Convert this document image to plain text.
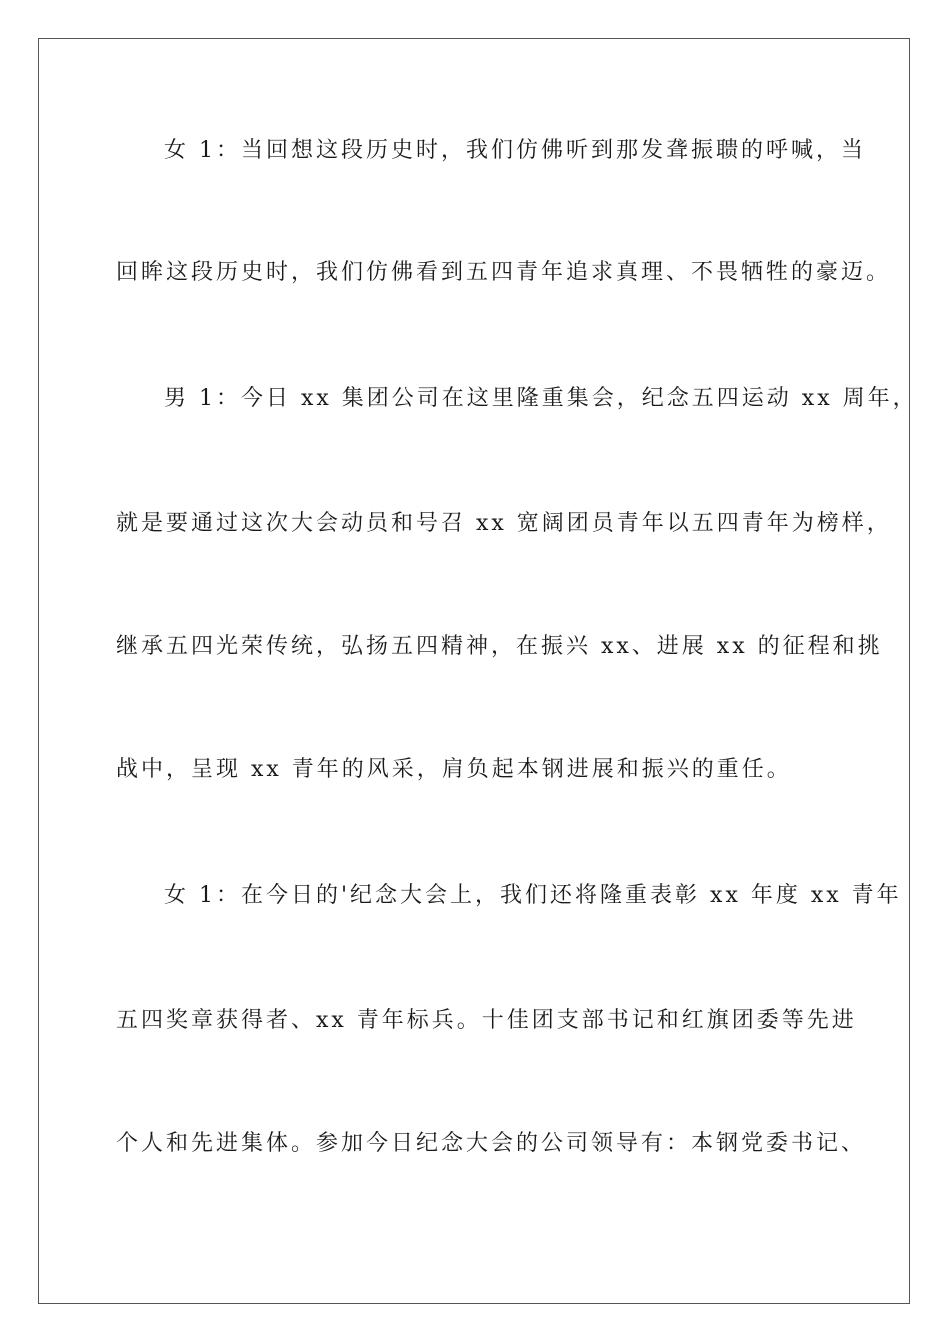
女 1：当回想这段历史时，我们仿佛听到那发聋振聩的呼喊，当
回眸这段历史时，我们仿佛看到五四青年追求真理、不畏牺牲的豪迈。
男 1：今日 xx 集团公司在这里隆重集会，纪念五四运动 xx 周年，
就是要通过这次大会动员和号召 xx 宽阔团员青年以五四青年为榜样，
继承五四光荣传统，弘扬五四精神，在振兴 xx、进展 xx 的征程和挑
战中，呈现 xx 青年的风采，肩负起本钢进展和振兴的重任。
女 1：在今日的'纪念大会上，我们还将隆重表彰 xx 年度 xx 青年
五四奖章获得者、xx 青年标兵。十佳团支部书记和红旗团委等先进
个人和先进集体。参加今日纪念大会的公司领导有：本钢党委书记、
